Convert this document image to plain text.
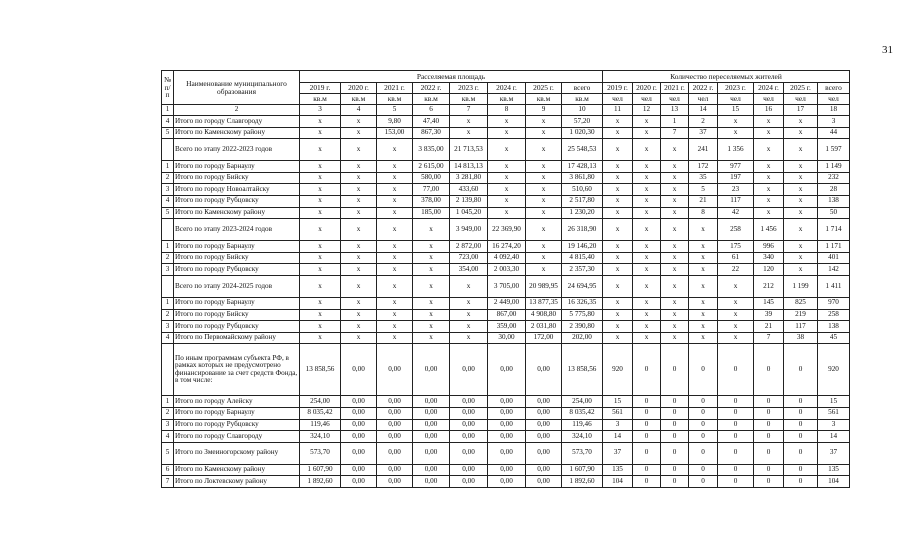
31
№ п/п	Наименование муниципального образования	Расселяемая площадь								Количество переселяемых жителей							
		2019 г.	2020 г.	2021 г.	2022 г.	2023 г.	2024 г.	2025 г.	всего	2019 г.	2020 г.	2021 г.	2022 г.	2023 г.	2024 г.	2025 г.	всего
		кв.м	кв.м	кв.м	кв.м	кв.м	кв.м	кв.м	кв.м	чел	чел	чел	чел	чел	чел	чел	чел
1	2	3	4	5	6	7	8	9	10	11	12	13	14	15	16	17	18
4	Итого по городу Славгороду	x	x	9,80	47,40	x	x	x	57,20	x	x	1	2	x	x	x	3
5	Итого по Каменскому району	x	x	153,00	867,30	x	x	x	1 020,30	x	x	7	37	x	x	x	44
	Всего по этапу 2022-2023 годов	x	x	x	3 835,00	21 713,53	x	x	25 548,53	x	x	x	241	1 356	x	x	1 597
1	Итого по городу Барнаулу	x	x	x	2 615,00	14 813,13	x	x	17 428,13	x	x	x	172	977	x	x	1 149
2	Итого по городу Бийску	x	x	x	580,00	3 281,80	x	x	3 861,80	x	x	x	35	197	x	x	232
3	Итого по городу Новоалтайску	x	x	x	77,00	433,60	x	x	510,60	x	x	x	5	23	x	x	28
4	Итого по городу Рубцовску	x	x	x	378,00	2 139,80	x	x	2 517,80	x	x	x	21	117	x	x	138
5	Итого по Каменскому району	x	x	x	185,00	1 045,20	x	x	1 230,20	x	x	x	8	42	x	x	50
	Всего по этапу 2023-2024 годов	x	x	x	x	3 949,00	22 369,90	x	26 318,90	x	x	x	x	258	1 456	x	1 714
1	Итого по городу Барнаулу	x	x	x	x	2 872,00	16 274,20	x	19 146,20	x	x	x	x	175	996	x	1 171
2	Итого по городу Бийску	x	x	x	x	723,00	4 092,40	x	4 815,40	x	x	x	x	61	340	x	401
3	Итого по городу Рубцовску	x	x	x	x	354,00	2 003,30	x	2 357,30	x	x	x	x	22	120	x	142
	Всего по этапу 2024-2025 годов	x	x	x	x	x	3 705,00	20 989,95	24 694,95	x	x	x	x	x	212	1 199	1 411
1	Итого по городу Барнаулу	x	x	x	x	x	2 449,00	13 877,35	16 326,35	x	x	x	x	x	145	825	970
2	Итого по городу Бийску	x	x	x	x	x	867,00	4 908,80	5 775,80	x	x	x	x	x	39	219	258
3	Итого по городу Рубцовску	x	x	x	x	x	359,00	2 031,80	2 390,80	x	x	x	x	x	21	117	138
4	Итого по Первомайскому району	x	x	x	x	x	30,00	172,00	202,00	x	x	x	x	x	7	38	45
	По иным программам субъекта РФ, в рамках которых не предусмотрено финансирование за счет средств Фонда, в том числе:	13 858,56	0,00	0,00	0,00	0,00	0,00	0,00	13 858,56	920	0	0	0	0	0	0	920
1	Итого по городу Алейску	254,00	0,00	0,00	0,00	0,00	0,00	0,00	254,00	15	0	0	0	0	0	0	15
2	Итого по городу Барнаулу	8 035,42	0,00	0,00	0,00	0,00	0,00	0,00	8 035,42	561	0	0	0	0	0	0	561
3	Итого по городу Рубцовску	119,46	0,00	0,00	0,00	0,00	0,00	0,00	119,46	3	0	0	0	0	0	0	3
4	Итого по городу Славгороду	324,10	0,00	0,00	0,00	0,00	0,00	0,00	324,10	14	0	0	0	0	0	0	14
5	Итого по Змеиногорскому району	573,70	0,00	0,00	0,00	0,00	0,00	0,00	573,70	37	0	0	0	0	0	0	37
6	Итого по Каменскому району	1 607,90	0,00	0,00	0,00	0,00	0,00	0,00	1 607,90	135	0	0	0	0	0	0	135
7	Итого по Локтевскому району	1 892,60	0,00	0,00	0,00	0,00	0,00	0,00	1 892,60	104	0	0	0	0	0	0	104
